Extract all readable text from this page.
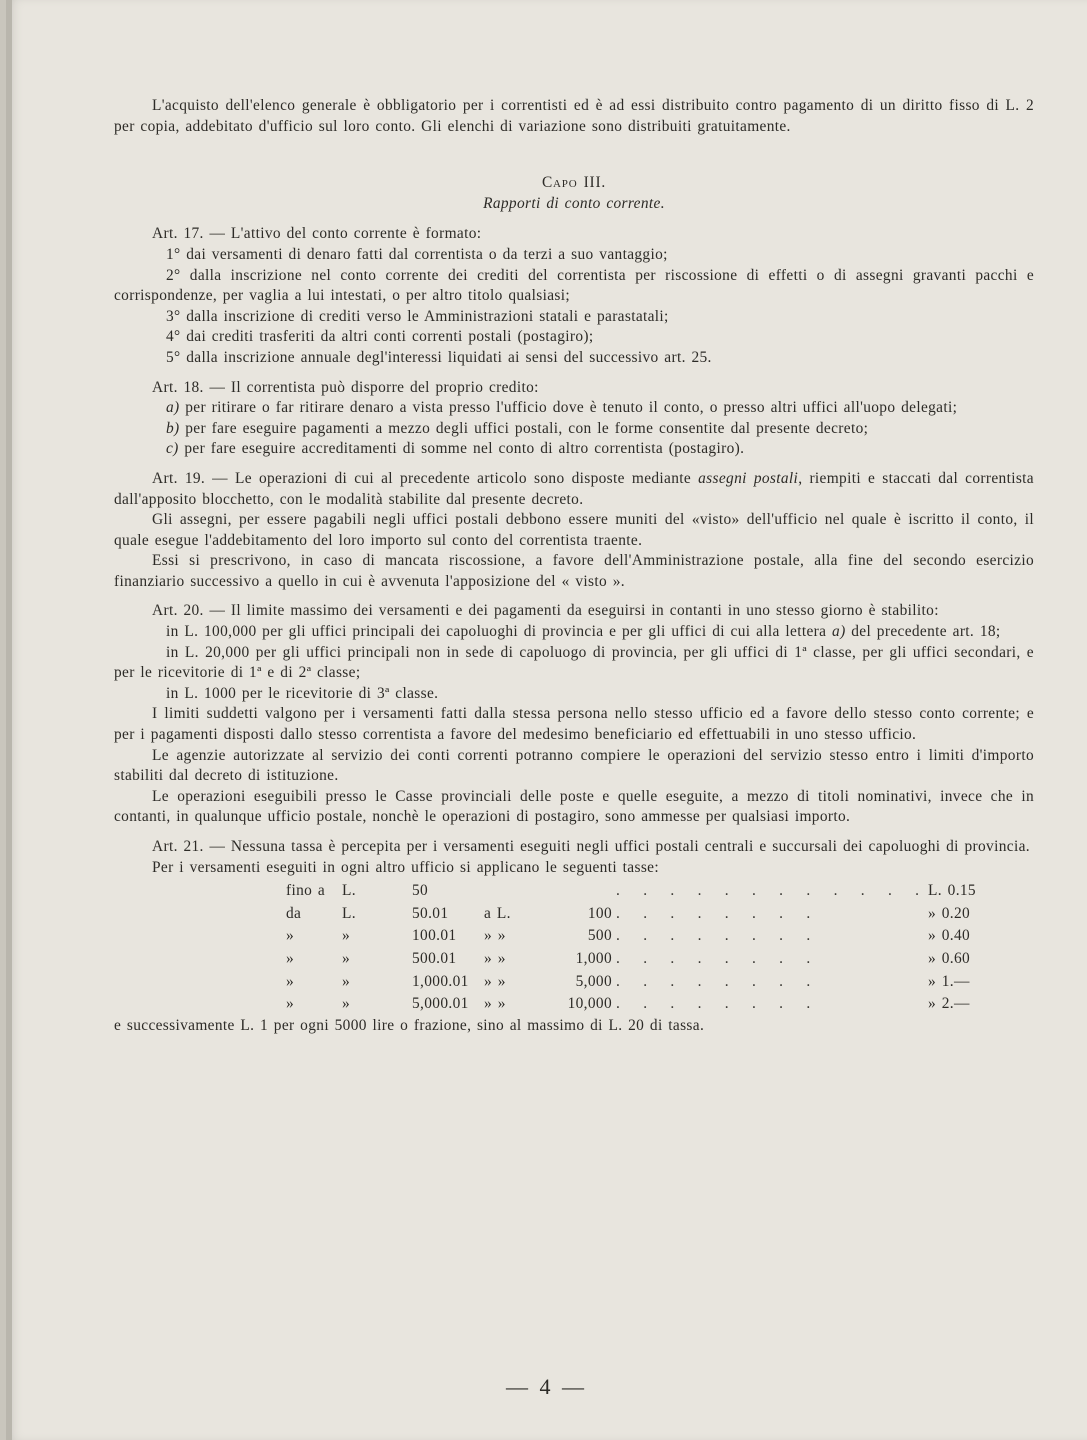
L'acquisto dell'elenco generale è obbligatorio per i correntisti ed è ad essi distribuito contro pagamento di un diritto fisso di L. 2 per copia, addebitato d'ufficio sul loro conto. Gli elenchi di variazione sono distribuiti gratuitamente.

Capo III.

Rapporti di conto corrente.

Art. 17. — L'attivo del conto corrente è formato:

1° dai versamenti di denaro fatti dal correntista o da terzi a suo vantaggio;

2° dalla inscrizione nel conto corrente dei crediti del correntista per riscossione di effetti o di assegni gravanti pacchi e corrispondenze, per vaglia a lui intestati, o per altro titolo qualsiasi;

3° dalla inscrizione di crediti verso le Amministrazioni statali e parastatali;

4° dai crediti trasferiti da altri conti correnti postali (postagiro);

5° dalla inscrizione annuale degl'interessi liquidati ai sensi del successivo art. 25.

Art. 18. — Il correntista può disporre del proprio credito:

a) per ritirare o far ritirare denaro a vista presso l'ufficio dove è tenuto il conto, o presso altri uffici all'uopo delegati;

b) per fare eseguire pagamenti a mezzo degli uffici postali, con le forme consentite dal presente decreto;

c) per fare eseguire accreditamenti di somme nel conto di altro correntista (postagiro).

Art. 19. — Le operazioni di cui al precedente articolo sono disposte mediante assegni postali, riempiti e staccati dal correntista dall'apposito blocchetto, con le modalità stabilite dal presente decreto.

Gli assegni, per essere pagabili negli uffici postali debbono essere muniti del «visto» dell'ufficio nel quale è iscritto il conto, il quale esegue l'addebitamento del loro importo sul conto del correntista traente.

Essi si prescrivono, in caso di mancata riscossione, a favore dell'Amministrazione postale, alla fine del secondo esercizio finanziario successivo a quello in cui è avvenuta l'apposizione del « visto ».

Art. 20. — Il limite massimo dei versamenti e dei pagamenti da eseguirsi in contanti in uno stesso giorno è stabilito:

in L. 100,000 per gli uffici principali dei capoluoghi di provincia e per gli uffici di cui alla lettera a) del precedente art. 18;

in L. 20,000 per gli uffici principali non in sede di capoluogo di provincia, per gli uffici di 1ª classe, per gli uffici secondari, e per le ricevitorie di 1ª e di 2ª classe;

in L. 1000 per le ricevitorie di 3ª classe.

I limiti suddetti valgono per i versamenti fatti dalla stessa persona nello stesso ufficio ed a favore dello stesso conto corrente; e per i pagamenti disposti dallo stesso correntista a favore del medesimo beneficiario ed effettuabili in uno stesso ufficio.

Le agenzie autorizzate al servizio dei conti correnti potranno compiere le operazioni del servizio stesso entro i limiti d'importo stabiliti dal decreto di istituzione.

Le operazioni eseguibili presso le Casse provinciali delle poste e quelle eseguite, a mezzo di titoli nominativi, invece che in contanti, in qualunque ufficio postale, nonchè le operazioni di postagiro, sono ammesse per qualsiasi importo.

Art. 21. — Nessuna tassa è percepita per i versamenti eseguiti negli uffici postali centrali e succursali dei capoluoghi di provincia.

Per i versamenti eseguiti in ogni altro ufficio si applicano le seguenti tasse:

fino a	L.	50			. . . . . . . . . . . .	L. 0.15
da	L.	50.01	a L.	100	. . . . . . . .	» 0.20
»	»	100.01	» »	500	. . . . . . . .	» 0.40
»	»	500.01	» »	1,000	. . . . . . . .	» 0.60
»	»	1,000.01	» »	5,000	. . . . . . . .	» 1.—
»	»	5,000.01	» »	10,000	. . . . . . . .	» 2.—

e successivamente L. 1 per ogni 5000 lire o frazione, sino al massimo di L. 20 di tassa.

— 4 —
